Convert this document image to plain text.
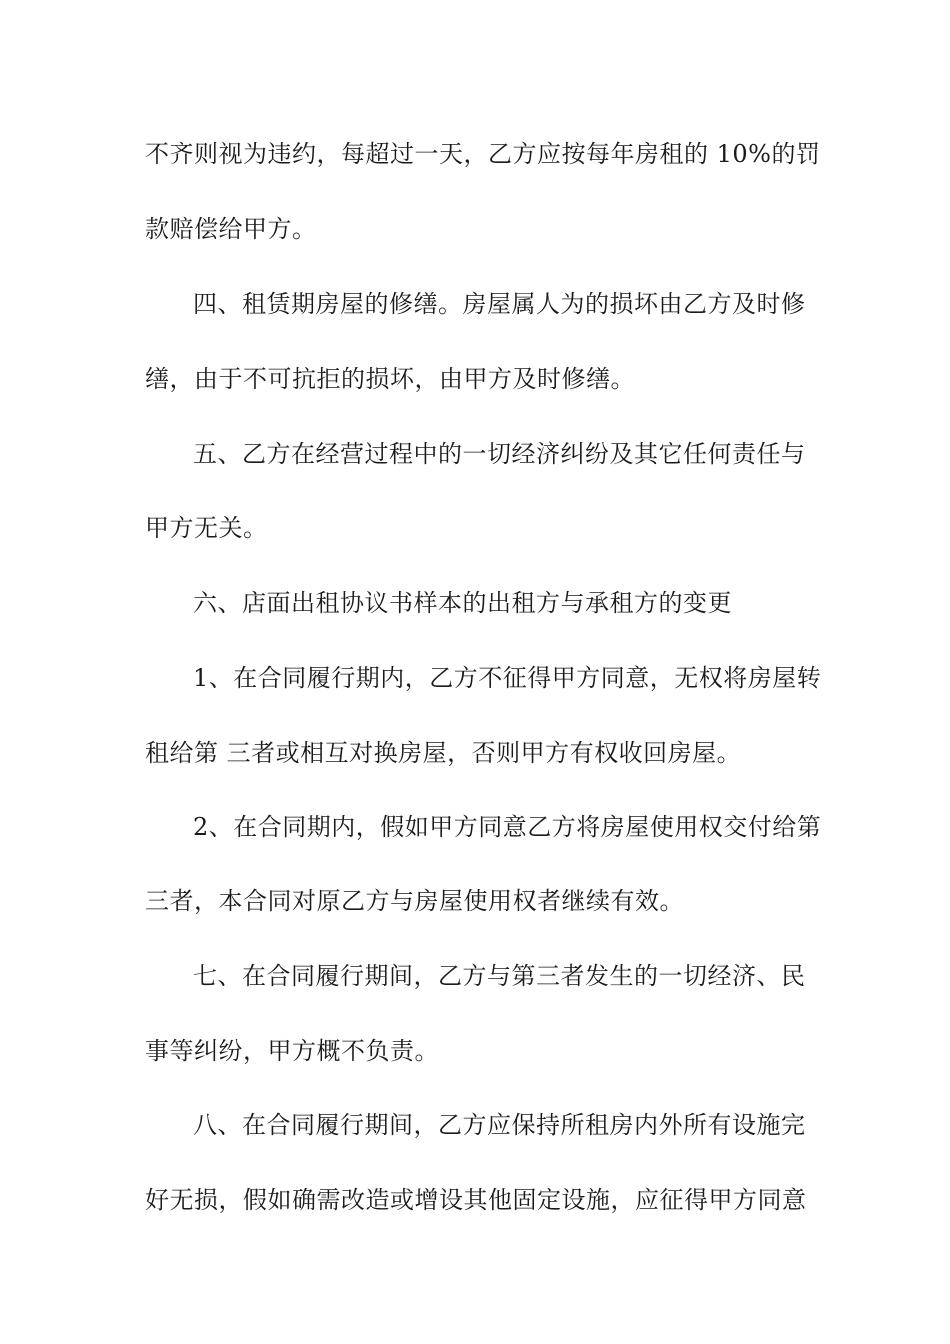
不齐则视为违约，每超过一天，乙方应按每年房租的 10%的罚
款赔偿给甲方。
四、租赁期房屋的修缮。房屋属人为的损坏由乙方及时修
缮，由于不可抗拒的损坏，由甲方及时修缮。
五、乙方在经营过程中的一切经济纠纷及其它任何责任与
甲方无关。
六、店面出租协议书样本的出租方与承租方的变更
1、在合同履行期内，乙方不征得甲方同意，无权将房屋转
租给第 三者或相互对换房屋，否则甲方有权收回房屋。
2、在合同期内，假如甲方同意乙方将房屋使用权交付给第
三者，本合同对原乙方与房屋使用权者继续有效。
七、在合同履行期间，乙方与第三者发生的一切经济、民
事等纠纷，甲方概不负责。
八、在合同履行期间，乙方应保持所租房内外所有设施完
好无损，假如确需改造或增设其他固定设施，应征得甲方同意
